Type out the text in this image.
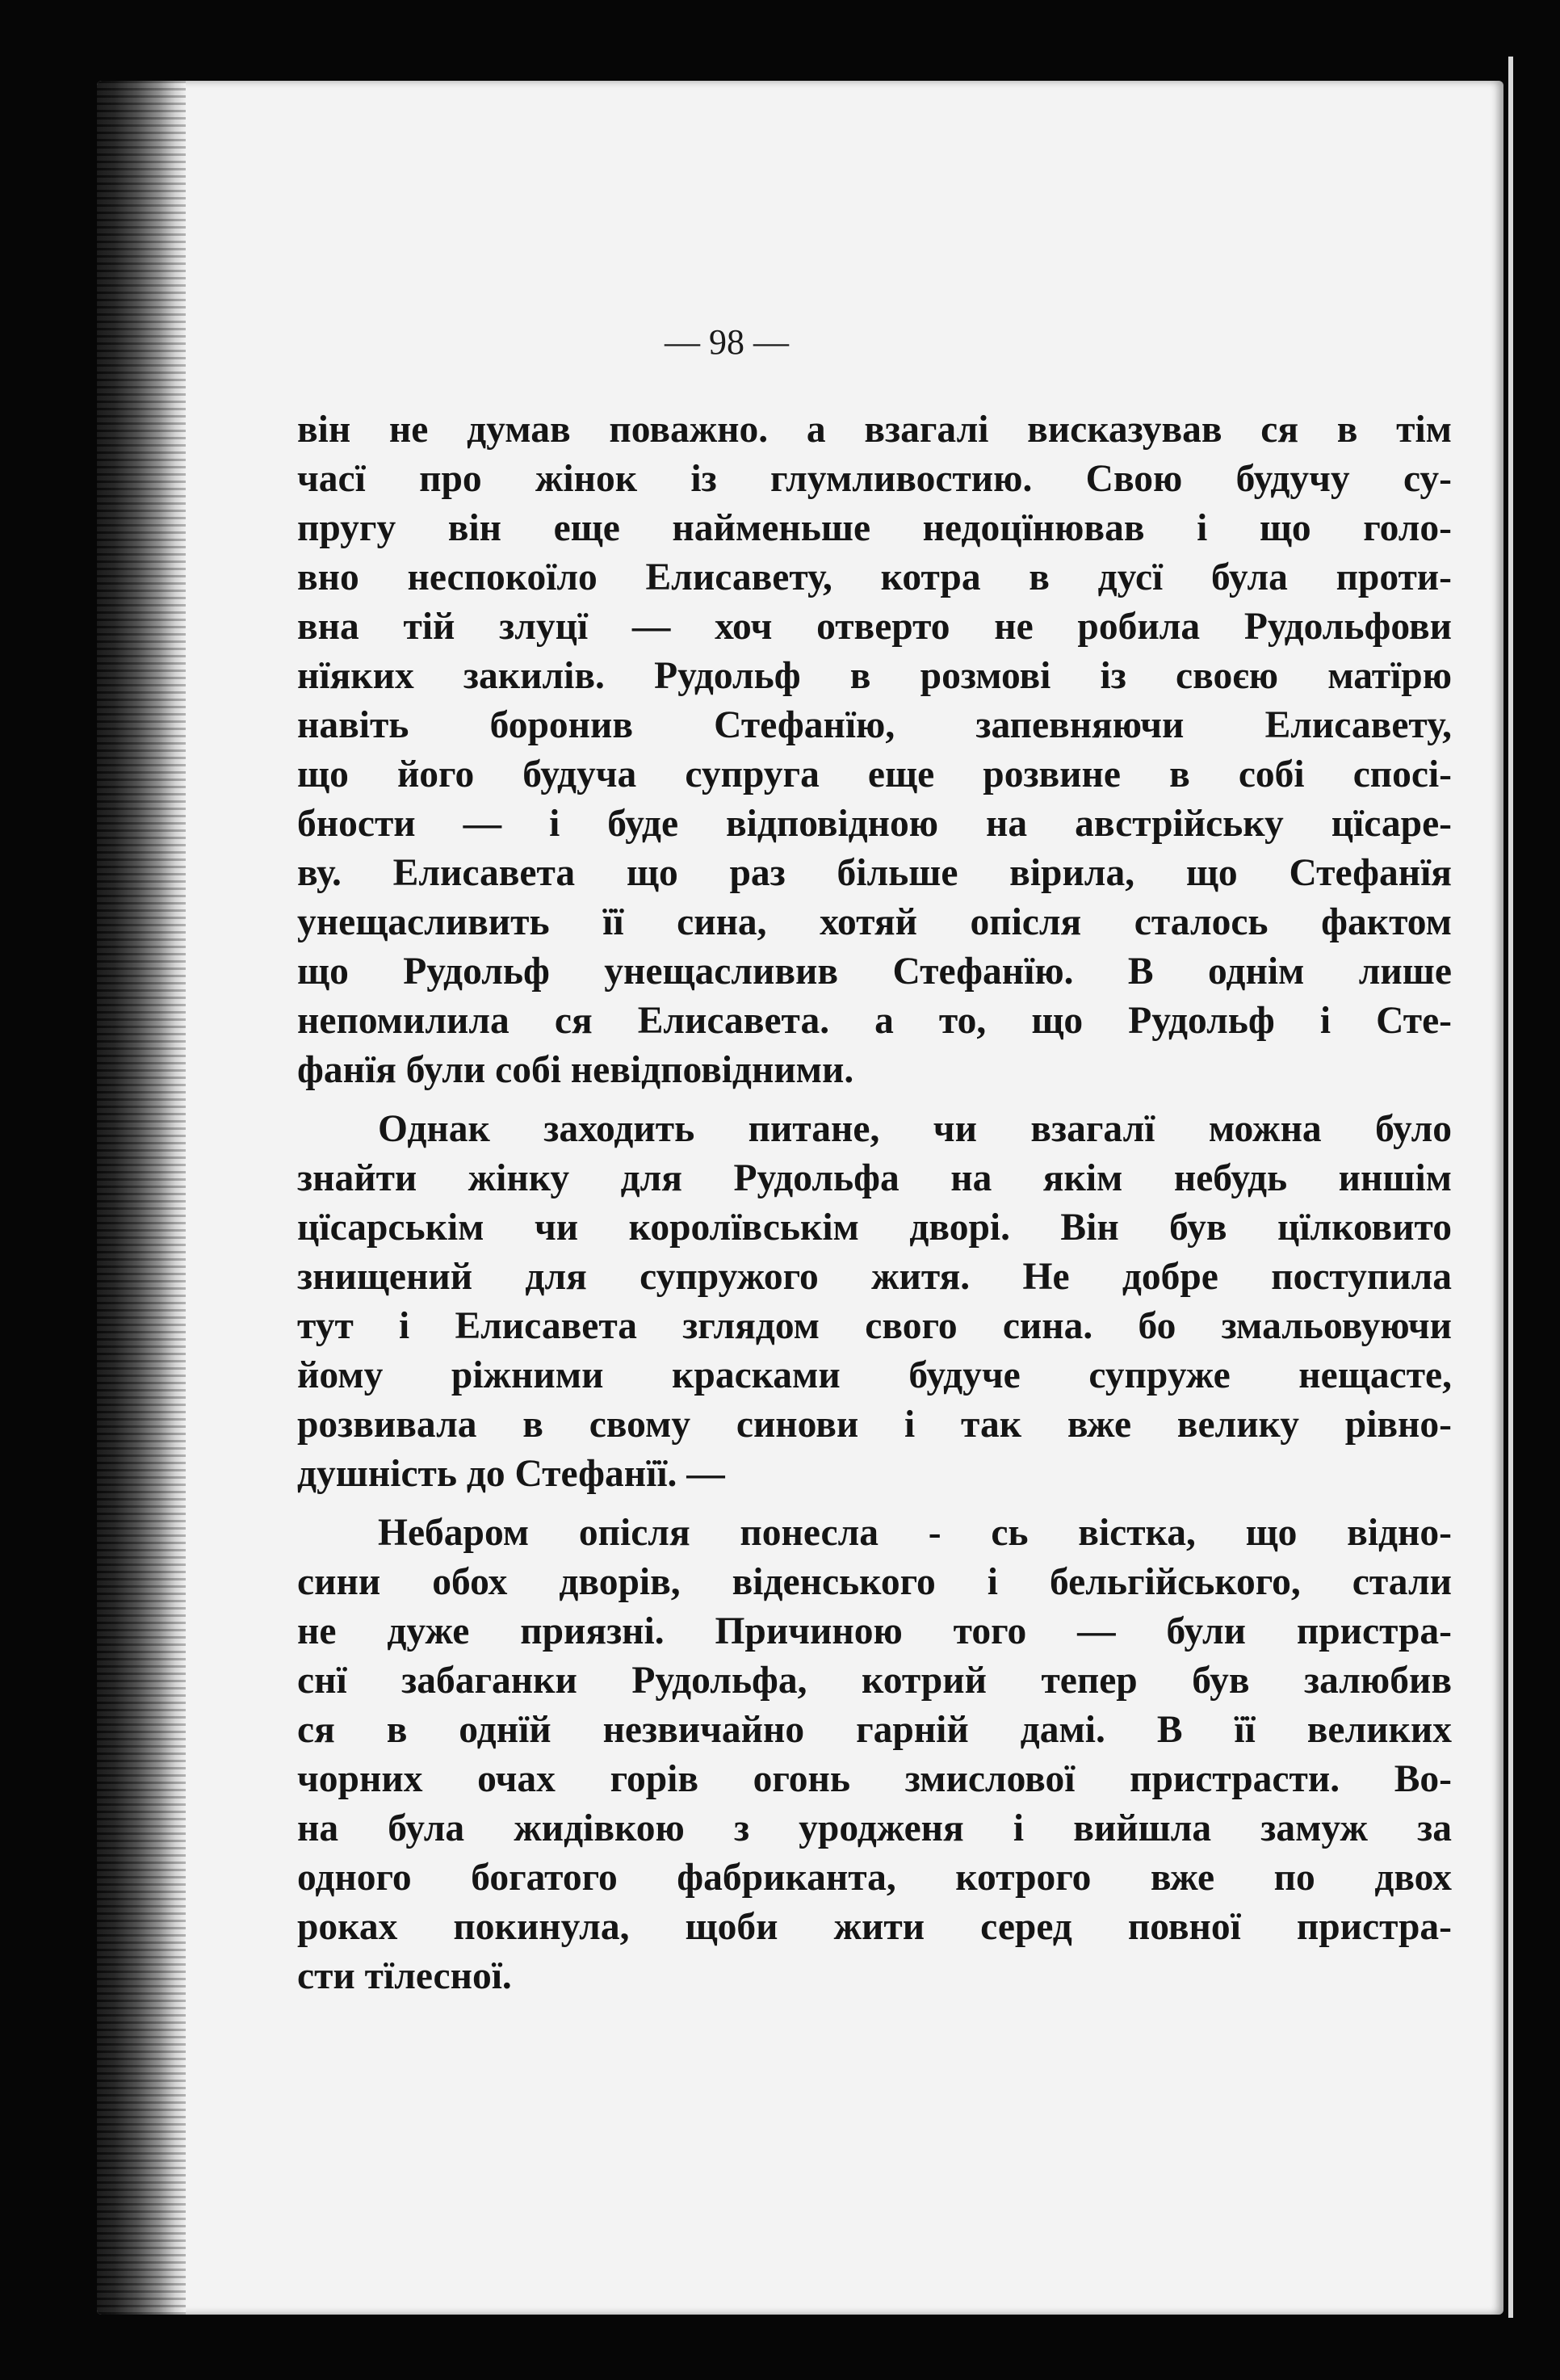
— 98 —
він не думав поважно. а взагалі висказував ся в тім
часї про жінок із глумливостию. Свою будучу су-
пругу він еще найменьше недоцїнював і що голо-
вно неспокоїло Елисавету, котра в дусї була проти-
вна тій злуцї — хоч отверто не робила Рудольфови
нїяких закилів. Рудольф в розмові із своєю матїрю
навіть боронив Стефанїю, запевняючи Елисавету,
що його будуча супруга еще розвине в собі спосі-
бности — і буде відповідною на австрійську цїсаре-
ву. Елисавета що раз більше вірила, що Стефанїя
унещасливить її сина, хотяй опісля сталось фактом
що Рудольф унещасливив Стефанїю. В однім лише
непомилила ся Елисавета. а то, що Рудольф і Сте-
фанїя були собі невідповідними.
Однак заходить питане, чи взагалї можна було
знайти жінку для Рудольфа на якім небудь иншім
цїсарськім чи королївськім дворі. Він був цїлковито
знищений для супружого житя. Не добре поступила
тут і Елисавета зглядом свого сина. бо змальовуючи
йому ріжними красками будуче супруже нещасте,
розвивала в свому синови і так вже велику рівно-
душність до Стефанїї. —
Небаром опісля понесла - сь вістка, що відно-
сини обох дворів, віденського і бельгійського, стали
не дуже приязні. Причиною того — були пристра-
снї забаганки Рудольфа, котрий тепер був залюбив
ся в однїй незвичайно гарній дамі. В її великих
чорних очах горів огонь змислової пристрасти. Во-
на була жидівкою з уродженя і вийшла замуж за
одного богатого фабриканта, котрого вже по двох
роках покинула, щоби жити серед повної пристра-
сти тїлесної.
